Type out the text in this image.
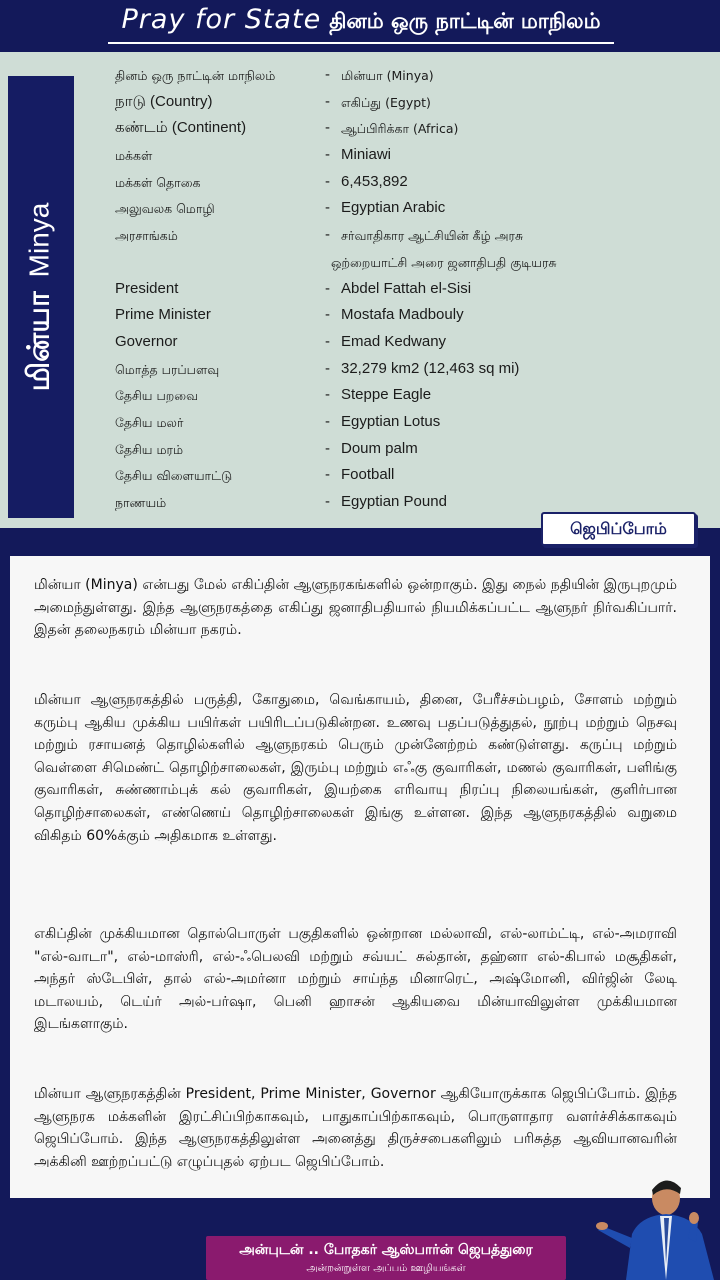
Pray for State தினம் ஒரு நாட்டின் மாநிலம்
மின்யாMinya
தினம் ஒரு நாட்டின் மாநிலம்	- மின்யா (Minya)
நாடு (Country)	- எகிப்து (Egypt)
கண்டம் (Continent)	- ஆப்பிரிக்கா (Africa)
மக்கள்	- Miniawi
மக்கள் தொகை	- 6,453,892
அலுவலக மொழி	- Egyptian Arabic
அரசாங்கம்	- சர்வாதிகார ஆட்சியின் கீழ் அரசு
ஒற்றையாட்சி அரை ஜனாதிபதி குடியரசு
President	- Abdel Fattah el-Sisi
Prime Minister	- Mostafa Madbouly
Governor	- Emad Kedwany
மொத்த பரப்பளவு	- 32,279 km2 (12,463 sq mi)
தேசிய பறவை	- Steppe Eagle
தேசிய மலர்	- Egyptian Lotus
தேசிய மரம்	- Doum palm
தேசிய விளையாட்டு	- Football
நாணயம்	- Egyptian Pound
ஜெபிப்போம்

மின்யா (Minya) என்பது மேல் எகிப்தின் ஆளுநரகங்களில் ஒன்றாகும். இது நைல் நதியின் இருபுறமும் அமைந்துள்ளது. இந்த ஆளுநரகத்தை எகிப்து ஜனாதிபதியால் நியமிக்கப்பட்ட ஆளுநர் நிர்வகிப்பார். இதன் தலைநகரம் மின்யா நகரம்.

மின்யா ஆளுநரகத்தில் பருத்தி, கோதுமை, வெங்காயம், தினை, பேரீச்சம்பழம், சோளம் மற்றும் கரும்பு ஆகிய முக்கிய பயிர்கள் பயிரிடப்படுகின்றன. உணவு பதப்படுத்துதல், நூற்பு மற்றும் நெசவு மற்றும் ரசாயனத் தொழில்களில் ஆளுநரகம் பெரும் முன்னேற்றம் கண்டுள்ளது. கருப்பு மற்றும் வெள்ளை சிமெண்ட் தொழிற்சாலைகள், இரும்பு மற்றும் எஃகு குவாரிகள், மணல் குவாரிகள், பளிங்கு குவாரிகள், சுண்ணாம்புக் கல் குவாரிகள், இயற்கை எரிவாயு நிரப்பு நிலையங்கள், குளிர்பான தொழிற்சாலைகள், எண்ணெய் தொழிற்சாலைகள் இங்கு உள்ளன. இந்த ஆளுநரகத்தில் வறுமை விகிதம் 60%க்கும் அதிகமாக உள்ளது.

எகிப்தின் முக்கியமான தொல்பொருள் பகுதிகளில் ஒன்றான மல்லாவி, எல்-லாம்ட்டி, எல்-அமராவி "எல்-வாடா", எல்-மாஸ்ரி, எல்-ஃபெலவி மற்றும் சவ்யட் சுல்தான், தஹ்னா எல்-கிபால் மசூதிகள், அந்தர் ஸ்டேபிள், தால் எல்-அமர்னா மற்றும் சாய்ந்த மினாரெட், அஷ்மோனி, விர்ஜின் லேடி மடாலயம், டெய்ர் அல்-பர்ஷா, பெனி ஹாசன் ஆகியவை மின்யாவிலுள்ள முக்கியமான இடங்களாகும்.

மின்யா ஆளுநரகத்தின் President, Prime Minister, Governor ஆகியோருக்காக ஜெபிப்போம். இந்த ஆளுநரக மக்களின் இரட்சிப்பிற்காகவும், பாதுகாப்பிற்காகவும், பொருளாதார வளர்ச்சிக்காகவும் ஜெபிப்போம். இந்த ஆளுநரகத்திலுள்ள அனைத்து திருச்சபைகளிலும் பரிசுத்த ஆவியானவரின் அக்கினி ஊற்றப்பட்டு எழுப்புதல் ஏற்பட ஜெபிப்போம்.

அன்புடன் .. போதகர் ஆஸ்பார்ன் ஜெபத்துரை
அன்றன்றுள்ள அப்பம் ஊழியங்கள்
